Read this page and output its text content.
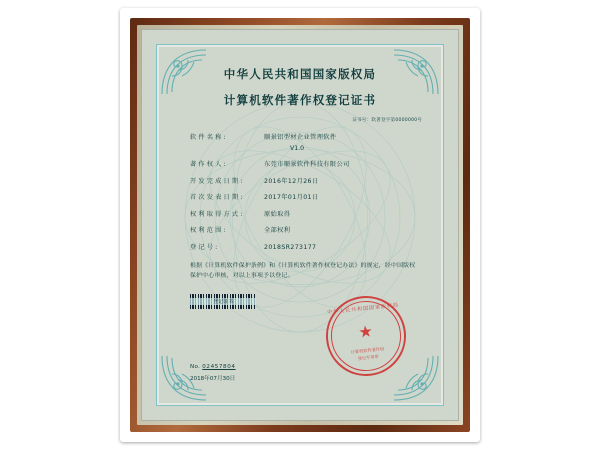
中华人民共和国国家版权局
计算机软件著作权登记证书
证书号：软著登字第0000000号
软件名称:	顺景铝型材企业管理软件
V1.0
著作权人:	东莞市顺景软件科技有限公司
开发完成日期:	2016年12月26日
首次发表日期:	2017年01月01日
权利取得方式:	原始取得
权利范围:	全部权利
登记号:	2018SR273177
根据《计算机软件保护条例》和《计算机软件著作权登记办法》的规定，经中国版权保护中心审核，对以上事项予以登记。
登记证书
No. 02457804
2018年07月30日
中华人民共和国国家版权局
★
计算机软件著作权
登记专用章
